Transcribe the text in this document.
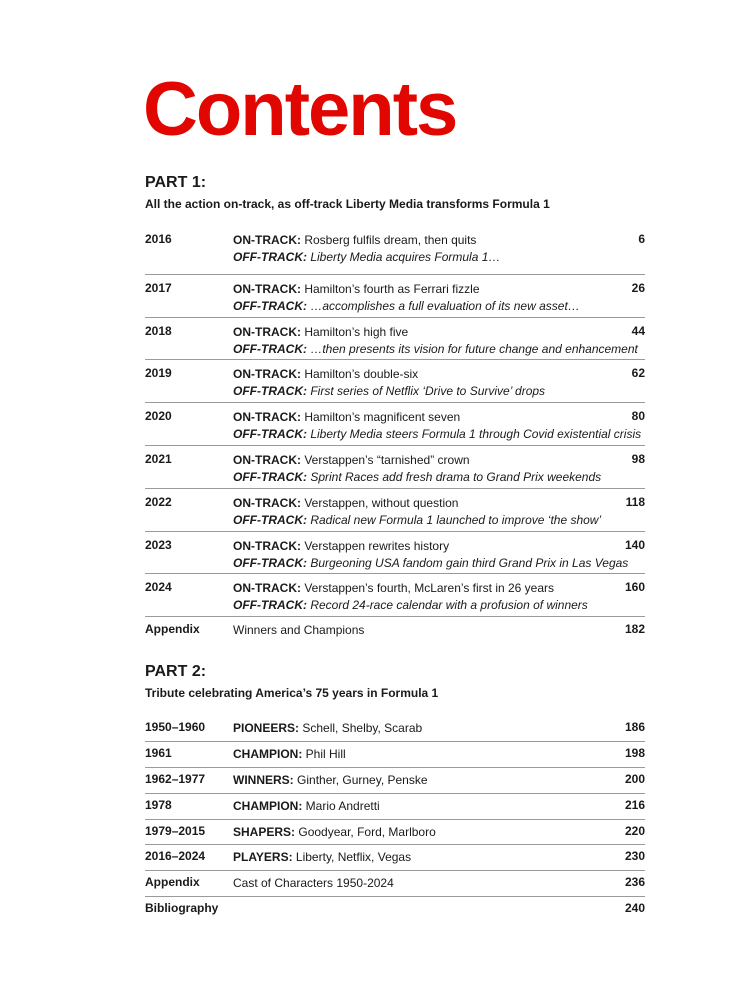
Contents
PART 1:
All the action on-track, as off-track Liberty Media transforms Formula 1
2016	ON-TRACK: Rosberg fulfils dream, then quits
OFF-TRACK: Liberty Media acquires Formula 1…
6
2017	ON-TRACK: Hamilton’s fourth as Ferrari fizzle
OFF-TRACK: …accomplishes a full evaluation of its new asset…
26
2018	ON-TRACK: Hamilton’s high five
OFF-TRACK: …then presents its vision for future change and enhancement
44
2019	ON-TRACK: Hamilton’s double-six
OFF-TRACK: First series of Netflix ‘Drive to Survive’ drops
62
2020	ON-TRACK: Hamilton’s magnificent seven
OFF-TRACK: Liberty Media steers Formula 1 through Covid existential crisis
80
2021	ON-TRACK: Verstappen’s “tarnished” crown
OFF-TRACK: Sprint Races add fresh drama to Grand Prix weekends
98
2022	ON-TRACK: Verstappen, without question
OFF-TRACK: Radical new Formula 1 launched to improve ‘the show’
118
2023	ON-TRACK: Verstappen rewrites history
OFF-TRACK: Burgeoning USA fandom gain third Grand Prix in Las Vegas
140
2024	ON-TRACK: Verstappen’s fourth, McLaren’s first in 26 years
OFF-TRACK: Record 24-race calendar with a profusion of winners
160
Appendix	Winners and Champions	182
PART 2:
Tribute celebrating America’s 75 years in Formula 1
1950–1960 PIONEERS: Schell, Shelby, Scarab	186
1961	CHAMPION: Phil Hill	198
1962–1977 WINNERS: Ginther, Gurney, Penske	200
1978	CHAMPION: Mario Andretti	216
1979–2015 SHAPERS: Goodyear, Ford, Marlboro	220
2016–2024 PLAYERS: Liberty, Netflix, Vegas	230
Appendix	Cast of Characters 1950-2024	236
Bibliography	240
